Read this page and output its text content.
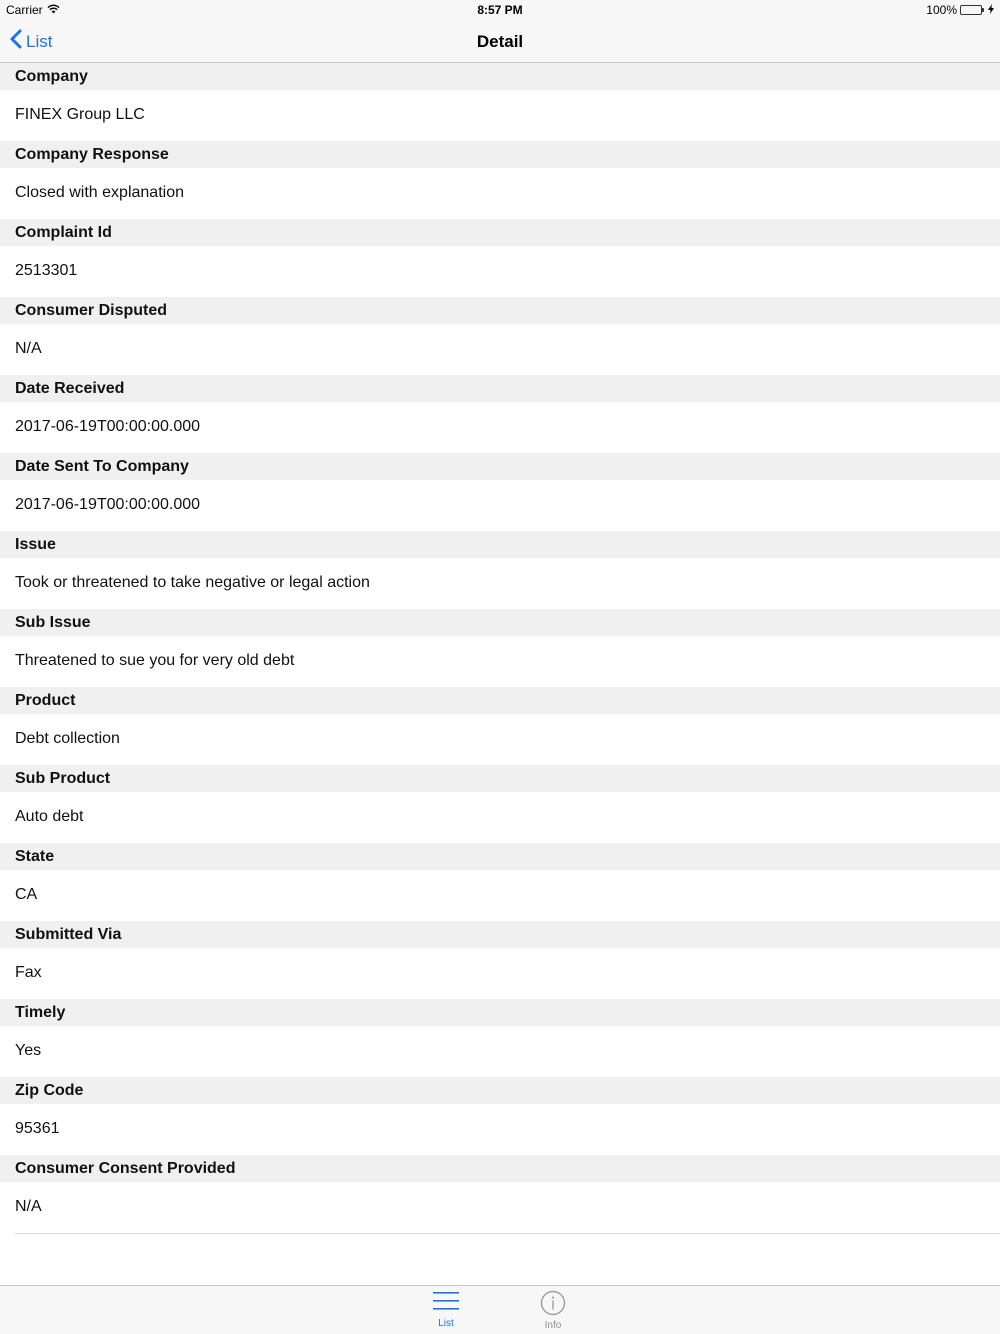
Carrier	8:57 PM	100%
List	Detail
Company
FINEX Group LLC
Company Response
Closed with explanation
Complaint Id
2513301
Consumer Disputed
N/A
Date Received
2017-06-19T00:00:00.000
Date Sent To Company
2017-06-19T00:00:00.000
Issue
Took or threatened to take negative or legal action
Sub Issue
Threatened to sue you for very old debt
Product
Debt collection
Sub Product
Auto debt
State
CA
Submitted Via
Fax
Timely
Yes
Zip Code
95361
Consumer Consent Provided
N/A
List	Info
